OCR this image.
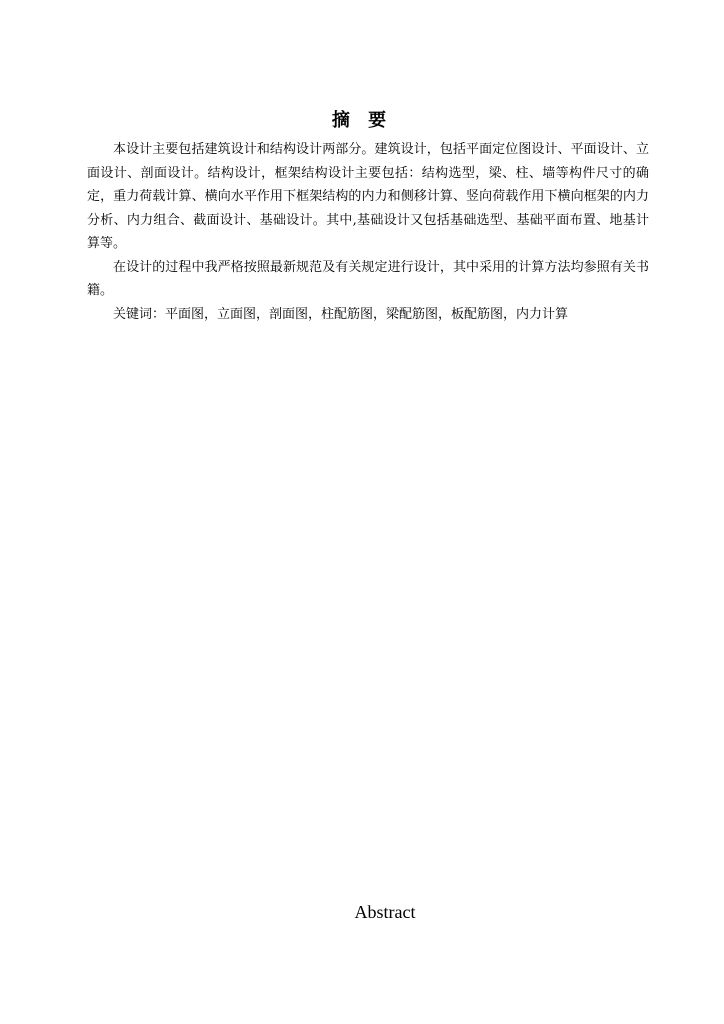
摘 要

本设计主要包括建筑设计和结构设计两部分。建筑设计，包括平面定位图设计、平面设计、立面设计、剖面设计。结构设计，框架结构设计主要包括：结构选型，梁、柱、墙等构件尺寸的确定，重力荷载计算、横向水平作用下框架结构的内力和侧移计算、竖向荷载作用下横向框架的内力分析、内力组合、截面设计、基础设计。其中,基础设计又包括基础选型、基础平面布置、地基计算等。

在设计的过程中我严格按照最新规范及有关规定进行设计，其中采用的计算方法均参照有关书籍。

关键词：平面图，立面图，剖面图，柱配筋图，梁配筋图，板配筋图，内力计算

Abstract
